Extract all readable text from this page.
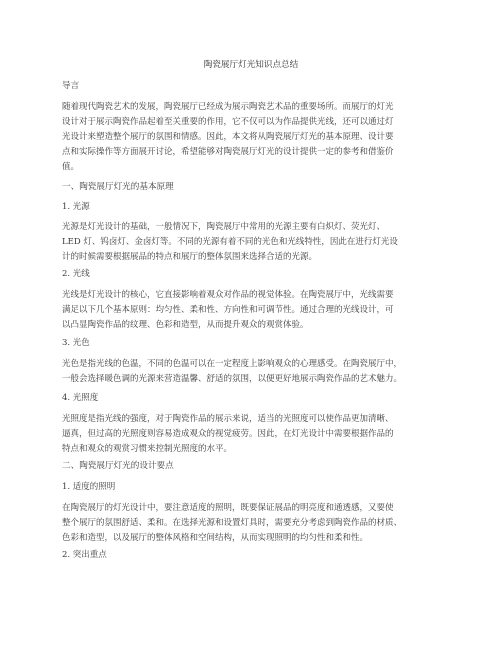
陶瓷展厅灯光知识点总结
导言
随着现代陶瓷艺术的发展，陶瓷展厅已经成为展示陶瓷艺术品的重要场所。而展厅的灯光
设计对于展示陶瓷作品起着至关重要的作用，它不仅可以为作品提供光线，还可以通过灯
光设计来塑造整个展厅的氛围和情感。因此，本文将从陶瓷展厅灯光的基本原理、设计要
点和实际操作等方面展开讨论，希望能够对陶瓷展厅灯光的设计提供一定的参考和借鉴价
值。
一、陶瓷展厅灯光的基本原理
1. 光源
光源是灯光设计的基础，一般情况下，陶瓷展厅中常用的光源主要有白炽灯、荧光灯、
LED 灯、钨卤灯、金卤灯等。不同的光源有着不同的光色和光线特性，因此在进行灯光设
计的时候需要根据展品的特点和展厅的整体氛围来选择合适的光源。
2. 光线
光线是灯光设计的核心，它直接影响着观众对作品的视觉体验。在陶瓷展厅中，光线需要
满足以下几个基本原则：均匀性、柔和性、方向性和可调节性。通过合理的光线设计，可
以凸显陶瓷作品的纹理、色彩和造型，从而提升观众的观赏体验。
3. 光色
光色是指光线的色温，不同的色温可以在一定程度上影响观众的心理感受。在陶瓷展厅中，
一般会选择暖色调的光源来营造温馨、舒适的氛围，以便更好地展示陶瓷作品的艺术魅力。
4. 光照度
光照度是指光线的强度，对于陶瓷作品的展示来说，适当的光照度可以使作品更加清晰、
逼真，但过高的光照度则容易造成观众的视觉疲劳。因此，在灯光设计中需要根据作品的
特点和观众的观赏习惯来控制光照度的水平。
二、陶瓷展厅灯光的设计要点
1. 适度的照明
在陶瓷展厅的灯光设计中，要注意适度的照明，既要保证展品的明亮度和通透感，又要使
整个展厅的氛围舒适、柔和。在选择光源和设置灯具时，需要充分考虑到陶瓷作品的材质、
色彩和造型，以及展厅的整体风格和空间结构，从而实现照明的均匀性和柔和性。
2. 突出重点
